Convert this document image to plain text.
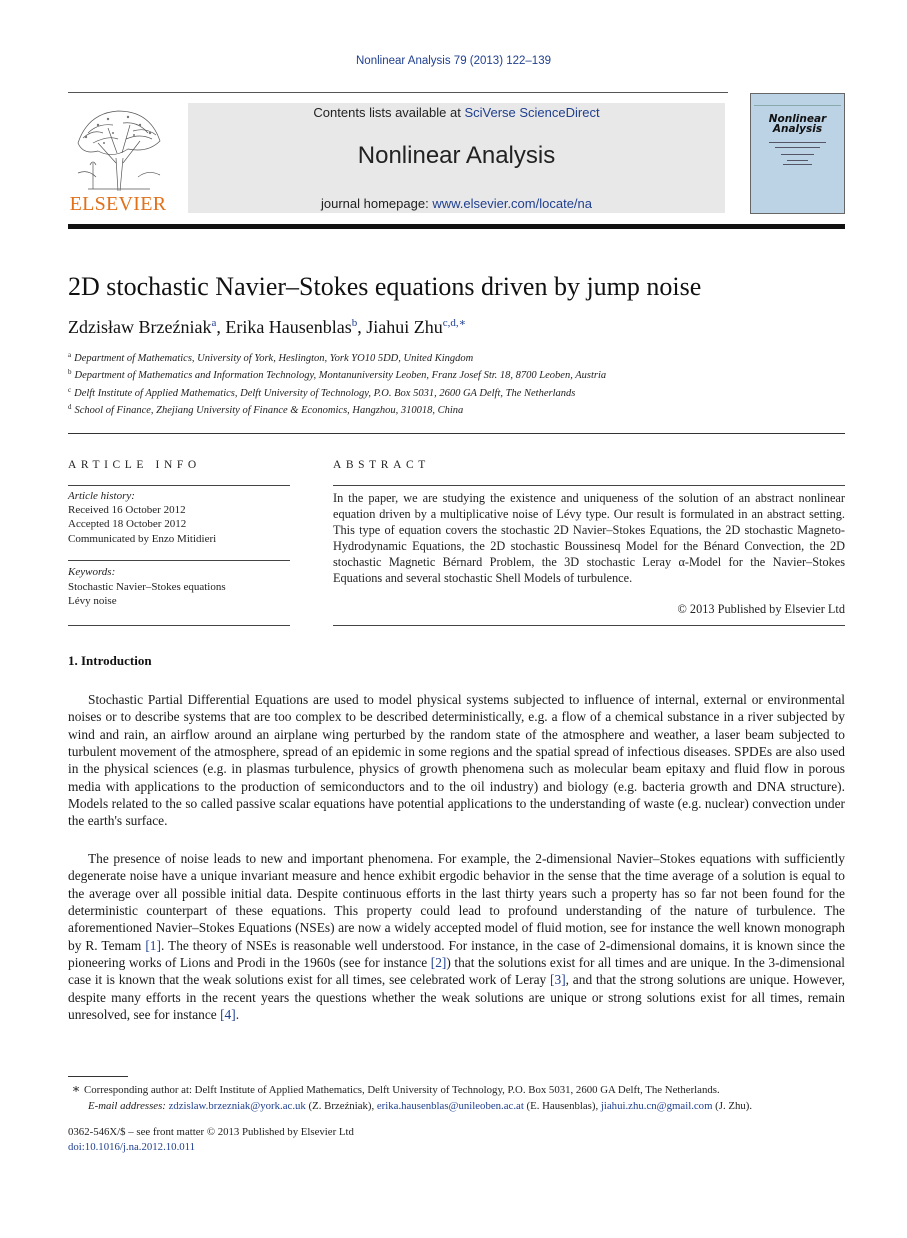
Nonlinear Analysis 79 (2013) 122–139
ELSEVIER
Contents lists available at SciVerse ScienceDirect
Nonlinear Analysis
journal homepage: www.elsevier.com/locate/na
Nonlinear
Analysis
2D stochastic Navier–Stokes equations driven by jump noise
Zdzisław Brzeźniak$^a$, Erika Hausenblas$^b$, Jiahui Zhu$^{c,d,∗}$
$^a$ Department of Mathematics, University of York, Heslington, York YO10 5DD, United Kingdom
$^b$ Department of Mathematics and Information Technology, Montanuniversity Leoben, Franz Josef Str. 18, 8700 Leoben, Austria
$^c$ Delft Institute of Applied Mathematics, Delft University of Technology, P.O. Box 5031, 2600 GA Delft, The Netherlands
$^d$ School of Finance, Zhejiang University of Finance & Economics, Hangzhou, 310018, China
ARTICLE INFO
Article history:
Received 16 October 2012
Accepted 18 October 2012
Communicated by Enzo Mitidieri
Keywords:
Stochastic Navier–Stokes equations
Lévy noise
ABSTRACT
In the paper, we are studying the existence and uniqueness of the solution of an abstract nonlinear equation driven by a multiplicative noise of Lévy type. Our result is formulated in an abstract setting. This type of equation covers the stochastic 2D Navier–Stokes Equations, the 2D stochastic Magneto-Hydrodynamic Equations, the 2D stochastic Boussinesq Model for the Bénard Convection, the 2D stochastic Magnetic Bérnard Problem, the 3D stochastic Leray α-Model for the Navier–Stokes Equations and several stochastic Shell Models of turbulence.
© 2013 Published by Elsevier Ltd
1. Introduction
Stochastic Partial Differential Equations are used to model physical systems subjected to influence of internal, external or environmental noises or to describe systems that are too complex to be described deterministically, e.g. a flow of a chemical substance in a river subjected by wind and rain, an airflow around an airplane wing perturbed by the random state of the atmosphere and weather, a laser beam subjected to turbulent movement of the atmosphere, spread of an epidemic in some regions and the spatial spread of infectious diseases. SPDEs are also used in the physical sciences (e.g. in plasmas turbulence, physics of growth phenomena such as molecular beam epitaxy and fluid flow in porous media with applications to the production of semiconductors and to the oil industry) and biology (e.g. bacteria growth and DNA structure). Models related to the so called passive scalar equations have potential applications to the understanding of waste (e.g. nuclear) convection under the earth's surface.
The presence of noise leads to new and important phenomena. For example, the 2-dimensional Navier–Stokes equations with sufficiently degenerate noise have a unique invariant measure and hence exhibit ergodic behavior in the sense that the time average of a solution is equal to the average over all possible initial data. Despite continuous efforts in the last thirty years such a property has so far not been found for the deterministic counterpart of these equations. This property could lead to profound understanding of the nature of turbulence. The aforementioned Navier–Stokes Equations (NSEs) are now a widely accepted model of fluid motion, see for instance the well known monograph by R. Temam [1]. The theory of NSEs is reasonable well understood. For instance, in the case of 2-dimensional domains, it is known since the pioneering works of Lions and Prodi in the 1960s (see for instance [2]) that the solutions exist for all times and are unique. In the 3-dimensional case it is known that the weak solutions exist for all times, see celebrated work of Leray [3], and that the strong solutions are unique. However, despite many efforts in the recent years the questions whether the weak solutions are unique or strong solutions exist for all times, remain unresolved, see for instance [4].
∗ Corresponding author at: Delft Institute of Applied Mathematics, Delft University of Technology, P.O. Box 5031, 2600 GA Delft, The Netherlands.
E-mail addresses: zdzislaw.brzezniak@york.ac.uk (Z. Brzeźniak), erika.hausenblas@unileoben.ac.at (E. Hausenblas), jiahui.zhu.cn@gmail.com (J. Zhu).
0362-546X/$ – see front matter © 2013 Published by Elsevier Ltd
doi:10.1016/j.na.2012.10.011
